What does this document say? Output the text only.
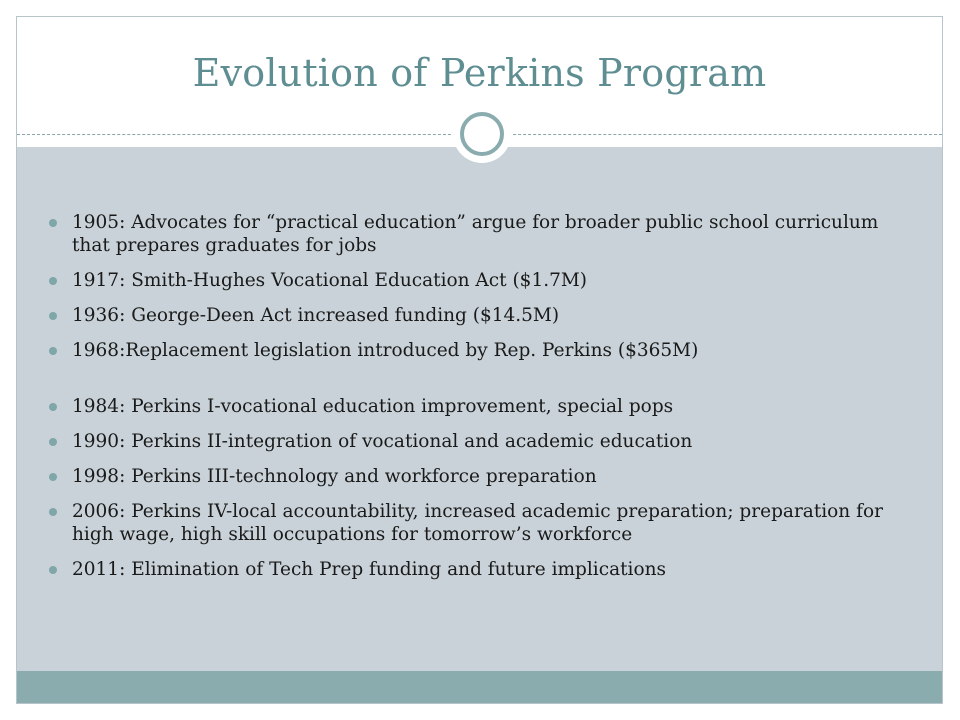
Evolution of Perkins Program
1905: Advocates for “practical education” argue for broader public school curriculum that prepares graduates for jobs
1917: Smith-Hughes Vocational Education Act ($1.7M)
1936: George-Deen Act increased funding ($14.5M)
1968:Replacement legislation introduced by Rep. Perkins ($365M)
1984: Perkins I-vocational education improvement, special pops
1990: Perkins II-integration of vocational and academic education
1998: Perkins III-technology and workforce preparation
2006: Perkins IV-local accountability, increased academic preparation; preparation for high wage, high skill occupations for tomorrow’s workforce
2011: Elimination of Tech Prep funding and future implications
